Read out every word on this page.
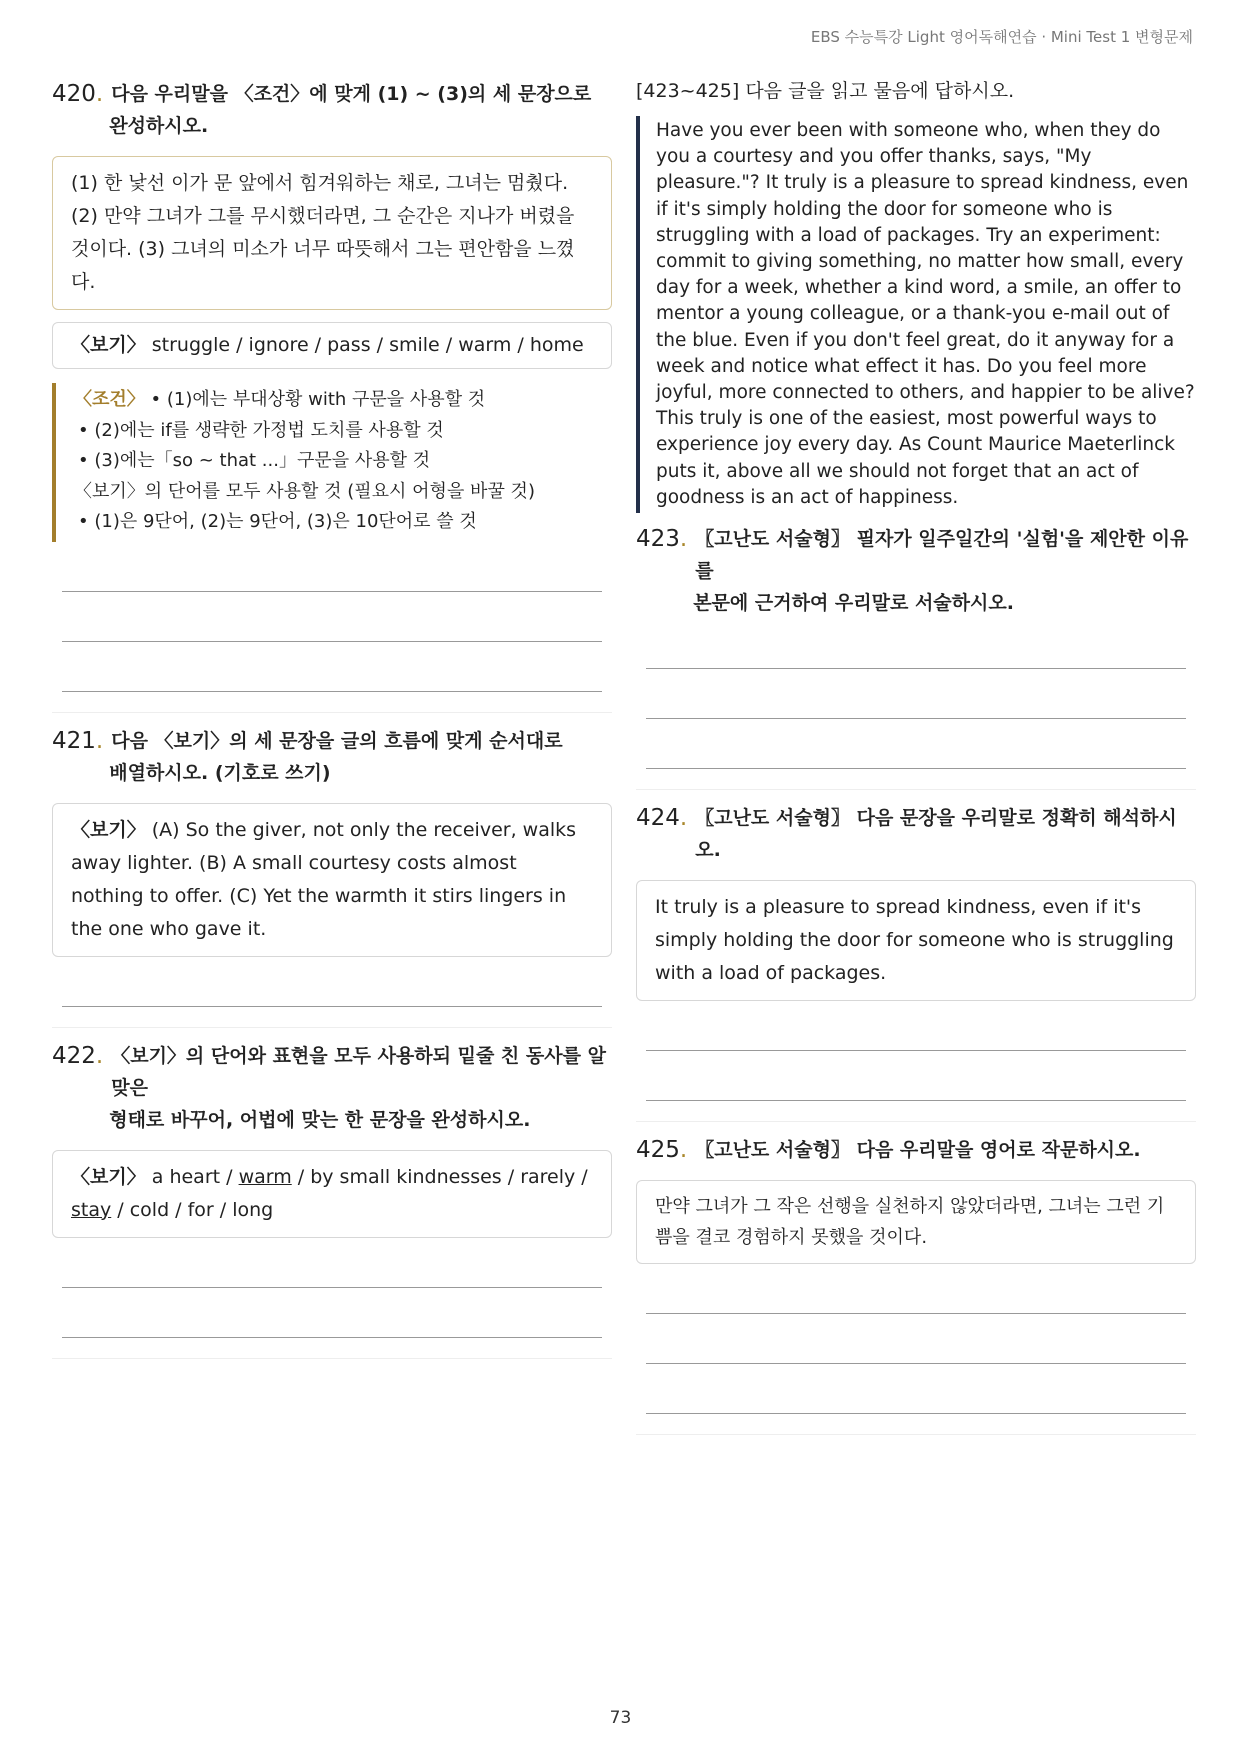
EBS 수능특강 Light 영어독해연습 · Mini Test 1 변형문제
420. 다음 우리말을 〈조건〉에 맞게 (1) ~ (3)의 세 문장으로
완성하시오.
(1) 한 낯선 이가 문 앞에서 힘겨워하는 채로, 그녀는 멈췄다. (2) 만약 그녀가 그를 무시했더라면, 그 순간은 지나가 버렸을 것이다. (3) 그녀의 미소가 너무 따뜻해서 그는 편안함을 느꼈다.
〈보기〉 struggle / ignore / pass / smile / warm / home
〈조건〉 • (1)에는 부대상황 with 구문을 사용할 것
• (2)에는 if를 생략한 가정법 도치를 사용할 것
• (3)에는「so ~ that ...」구문을 사용할 것
〈보기〉의 단어를 모두 사용할 것 (필요시 어형을 바꿀 것)
• (1)은 9단어, (2)는 9단어, (3)은 10단어로 쓸 것
421. 다음 〈보기〉의 세 문장을 글의 흐름에 맞게 순서대로
배열하시오. (기호로 쓰기)
〈보기〉 (A) So the giver, not only the receiver, walks away lighter. (B) A small courtesy costs almost nothing to offer. (C) Yet the warmth it stirs lingers in the one who gave it.
422. 〈보기〉의 단어와 표현을 모두 사용하되 밑줄 친 동사를 알맞은
형태로 바꾸어, 어법에 맞는 한 문장을 완성하시오.
〈보기〉 a heart / warm / by small kindnesses / rarely / stay / cold / for / long
[423~425] 다음 글을 읽고 물음에 답하시오.
Have you ever been with someone who, when they do you a courtesy and you offer thanks, says, "My pleasure."? It truly is a pleasure to spread kindness, even if it's simply holding the door for someone who is struggling with a load of packages. Try an experiment: commit to giving something, no matter how small, every day for a week, whether a kind word, a smile, an offer to mentor a young colleague, or a thank-you e-mail out of the blue. Even if you don't feel great, do it anyway for a week and notice what effect it has. Do you feel more joyful, more connected to others, and happier to be alive? This truly is one of the easiest, most powerful ways to experience joy every day. As Count Maurice Maeterlinck puts it, above all we should not forget that an act of goodness is an act of happiness.
423. 〖고난도 서술형〗 필자가 일주일간의 '실험'을 제안한 이유를
본문에 근거하여 우리말로 서술하시오.
424. 〖고난도 서술형〗 다음 문장을 우리말로 정확히 해석하시오.
It truly is a pleasure to spread kindness, even if it's simply holding the door for someone who is struggling with a load of packages.
425. 〖고난도 서술형〗 다음 우리말을 영어로 작문하시오.
만약 그녀가 그 작은 선행을 실천하지 않았더라면, 그녀는 그런 기쁨을 결코 경험하지 못했을 것이다.
73
